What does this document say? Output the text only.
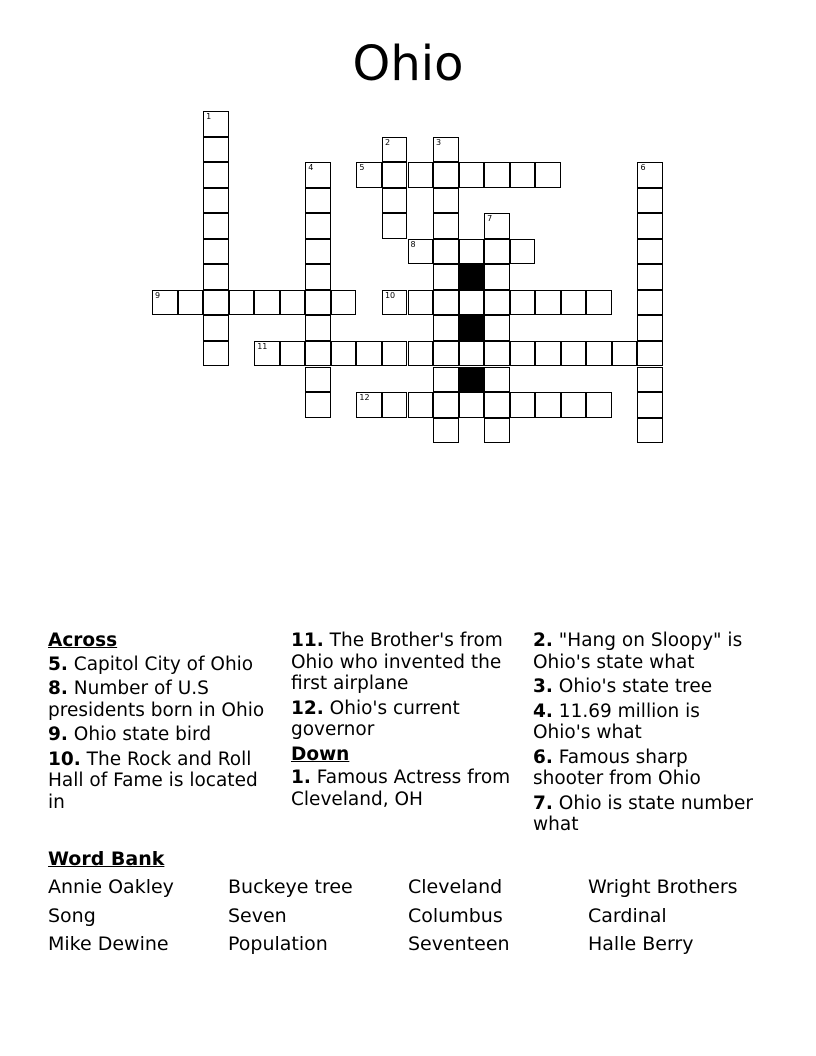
Ohio
1
2	3
4	5	6
7
8
9	10
11
12
Across
5. Capitol City of Ohio
8. Number of U.S presidents born in Ohio
9. Ohio state bird
10. The Rock and Roll Hall of Fame is located in
11. The Brother's from Ohio who invented the first airplane
12. Ohio's current governor
Down
1. Famous Actress from Cleveland, OH
2. "Hang on Sloopy" is Ohio's state what
3. Ohio's state tree
4. 11.69 million is Ohio's what
6. Famous sharp shooter from Ohio
7. Ohio is state number what
Word Bank
Annie Oakley	Buckeye tree	Cleveland	Wright Brothers
Song	Seven	Columbus	Cardinal
Mike Dewine	Population	Seventeen	Halle Berry
